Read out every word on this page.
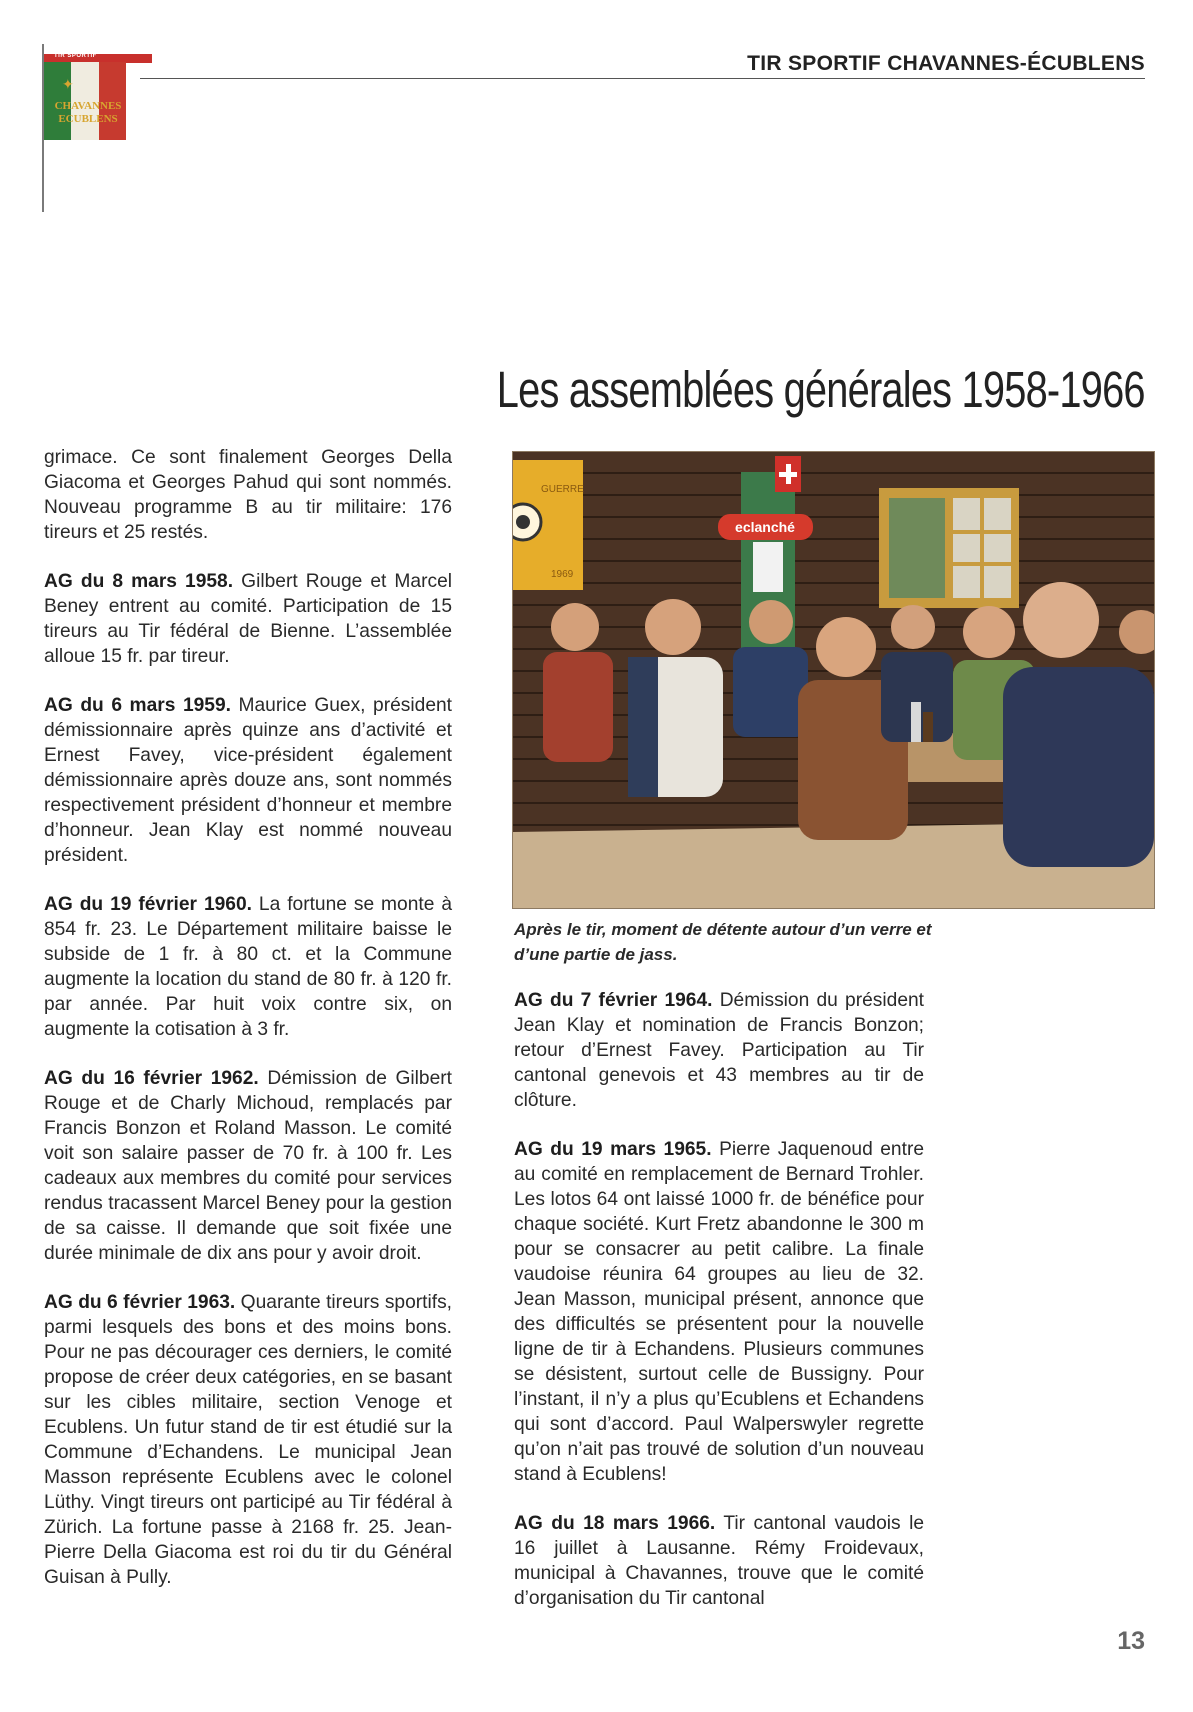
TIR SPORTIF
✦
CHAVANNES
ECUBLENS
TIR SPORTIF CHAVANNES-ÉCUBLENS
Les assemblées générales 1958-1966

grimace. Ce sont finalement Georges Della Giacoma et Georges Pahud qui sont nommés. Nouveau programme B au tir militaire: 176 tireurs et 25 restés.

AG du 8 mars 1958. Gilbert Rouge et Marcel Beney entrent au comité. Participation de 15 tireurs au Tir fédéral de Bienne. L’assemblée alloue 15 fr. par tireur.

AG du 6 mars 1959. Maurice Guex, président démissionnaire après quinze ans d’activité et Ernest Favey, vice-président également démissionnaire après douze ans, sont nommés respectivement président d’honneur et membre d’honneur. Jean Klay est nommé nouveau président.

AG du 19 février 1960. La fortune se monte à 854 fr. 23. Le Département militaire baisse le subside de 1 fr. à 80 ct. et la Commune augmente la location du stand de 80 fr. à 120 fr. par année. Par huit voix contre six, on augmente la cotisation à 3 fr.

AG du 16 février 1962. Démission de Gilbert Rouge et de Charly Michoud, remplacés par Francis Bonzon et Roland Masson. Le comité voit son salaire passer de 70 fr. à 100 fr. Les cadeaux aux membres du comité pour services rendus tracassent Marcel Beney pour la gestion de sa caisse. Il demande que soit fixée une durée minimale de dix ans pour y avoir droit.

AG du 6 février 1963. Quarante tireurs sportifs, parmi lesquels des bons et des moins bons. Pour ne pas décourager ces derniers, le comité propose de créer deux catégories, en se basant sur les cibles militaire, section Venoge et Ecublens. Un futur stand de tir est étudié sur la Commune d’Echandens. Le municipal Jean Masson représente Ecublens avec le colonel Lüthy. Vingt tireurs ont participé au Tir fédéral à Zürich. La fortune passe à 2168 fr. 25. Jean-Pierre Della Giacoma est roi du tir du Général Guisan à Pully.

GUERRE
1969
eclanché
Après le tir, moment de détente autour d’un verre et d’une partie de jass.

AG du 7 février 1964. Démission du président Jean Klay et nomination de Francis Bonzon; retour d’Ernest Favey. Participation au Tir cantonal genevois et 43 membres au tir de clôture.

AG du 19 mars 1965. Pierre Jaquenoud entre au comité en remplacement de Bernard Trohler. Les lotos 64 ont laissé 1000 fr. de bénéfice pour chaque société. Kurt Fretz abandonne le 300 m pour se consacrer au petit calibre. La finale vaudoise réunira 64 groupes au lieu de 32. Jean Masson, municipal présent, annonce que des difficultés se présentent pour la nouvelle ligne de tir à Echandens. Plusieurs communes se désistent, surtout celle de Bussigny. Pour l’instant, il n’y a plus qu’Ecublens et Echandens qui sont d’accord. Paul Walperswyler regrette qu’on n’ait pas trouvé de solution d’un nouveau stand à Ecublens!

AG du 18 mars 1966. Tir cantonal vaudois le 16 juillet à Lausanne. Rémy Froidevaux, municipal à Chavannes, trouve que le comité d’organisation du Tir cantonal

13
